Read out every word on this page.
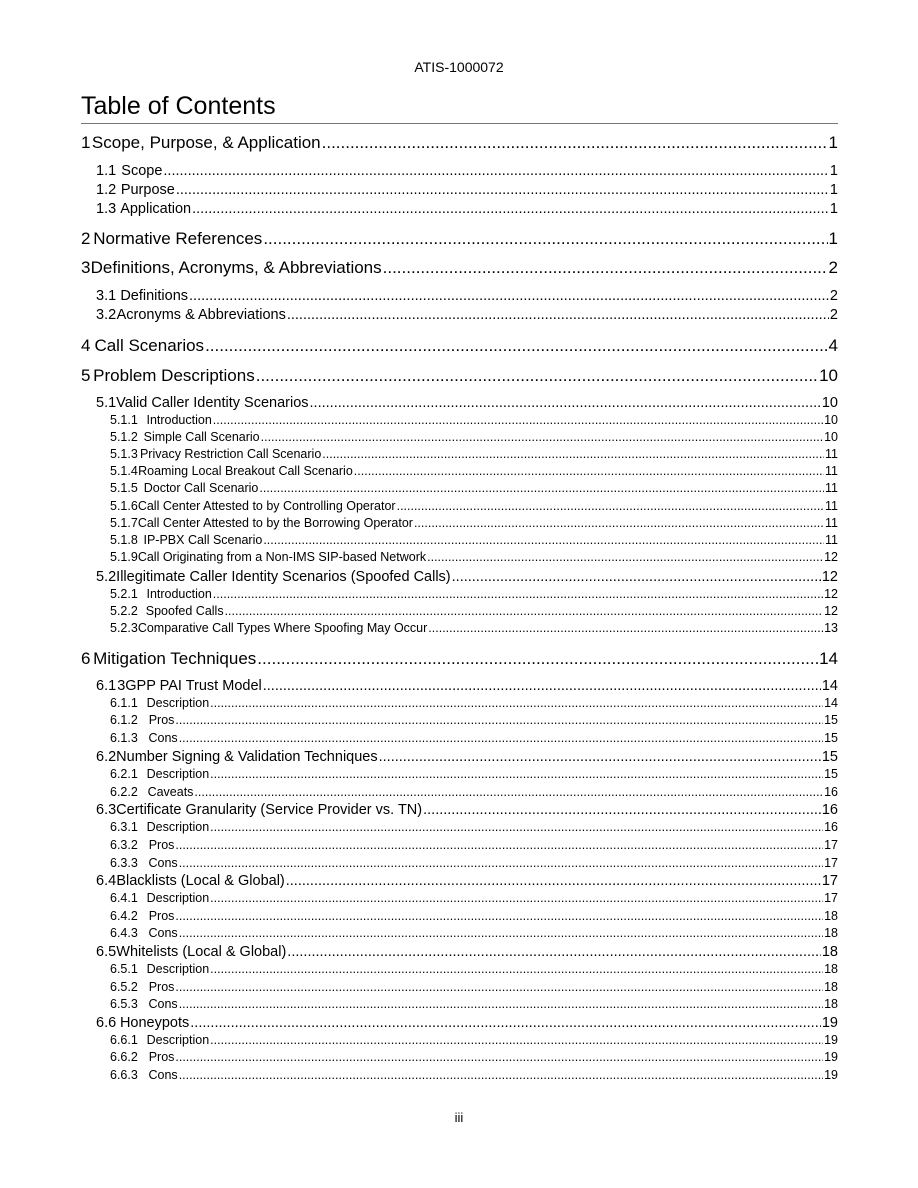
ATIS-1000072
Table of Contents
1 Scope, Purpose, & Application .....	1
1.1 Scope .....	1
1.2 Purpose .....	1
1.3 Application .....	1
2 Normative References .....	1
3 Definitions, Acronyms, & Abbreviations .....	2
3.1 Definitions .....	2
3.2 Acronyms & Abbreviations .....	2
4 Call Scenarios .....	4
5 Problem Descriptions .....	10
5.1 Valid Caller Identity Scenarios .....	10
5.1.1 Introduction .....	10
5.1.2 Simple Call Scenario .....	10
5.1.3 Privacy Restriction Call Scenario .....	11
5.1.4 Roaming Local Breakout Call Scenario .....	11
5.1.5 Doctor Call Scenario .....	11
5.1.6 Call Center Attested to by Controlling Operator .....	11
5.1.7 Call Center Attested to by the Borrowing Operator .....	11
5.1.8 IP-PBX Call Scenario .....	11
5.1.9 Call Originating from a Non-IMS SIP-based Network .....	12
5.2 Illegitimate Caller Identity Scenarios (Spoofed Calls) .....	12
5.2.1 Introduction .....	12
5.2.2 Spoofed Calls .....	12
5.2.3 Comparative Call Types Where Spoofing May Occur .....	13
6 Mitigation Techniques .....	14
6.1 3GPP PAI Trust Model .....	14
6.1.1 Description .....	14
6.1.2 Pros .....	15
6.1.3 Cons .....	15
6.2 Number Signing & Validation Techniques .....	15
6.2.1 Description .....	15
6.2.2 Caveats .....	16
6.3 Certificate Granularity (Service Provider vs. TN) .....	16
6.3.1 Description .....	16
6.3.2 Pros .....	17
6.3.3 Cons .....	17
6.4 Blacklists (Local & Global) .....	17
6.4.1 Description .....	17
6.4.2 Pros .....	18
6.4.3 Cons .....	18
6.5 Whitelists (Local & Global) .....	18
6.5.1 Description .....	18
6.5.2 Pros .....	18
6.5.3 Cons .....	18
6.6 Honeypots .....	19
6.6.1 Description .....	19
6.6.2 Pros .....	19
6.6.3 Cons .....	19
iii
